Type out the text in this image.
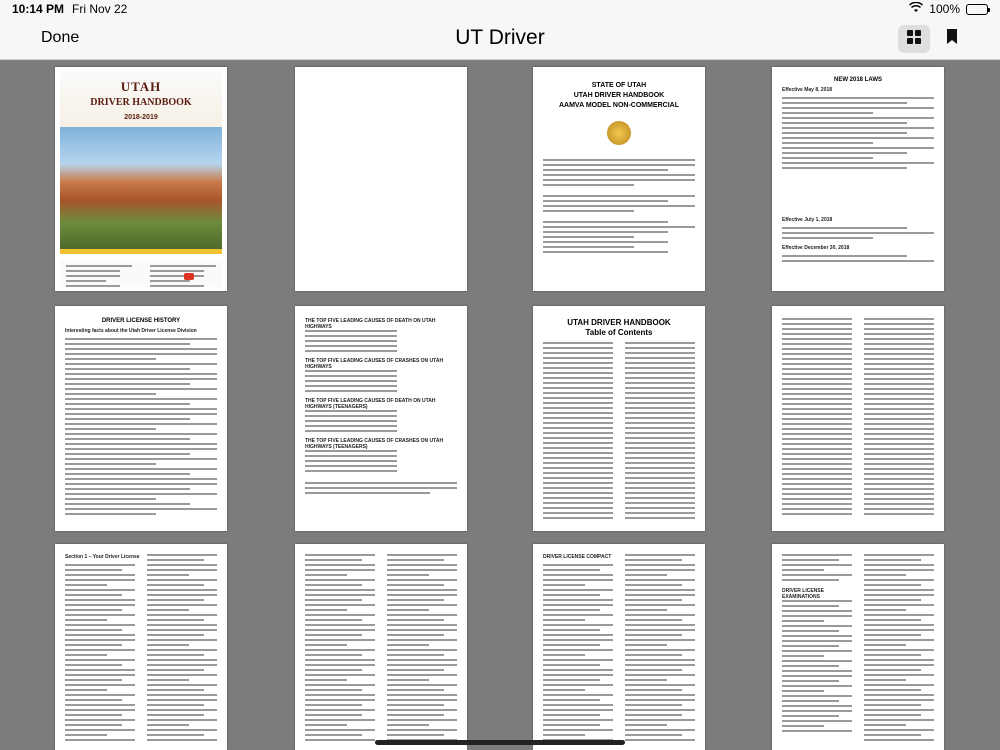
10:14 PM Fri Nov 22	100%
Done	UT Driver
UTAH
DRIVER HANDBOOK
2018-2019
STATE OF UTAH
UTAH DRIVER HANDBOOK
AAMVA MODEL NON-COMMERCIAL
NEW 2018 LAWS
Effective May 8, 2018
Effective July 1, 2018
Effective December 30, 2018
DRIVER LICENSE HISTORY
Interesting facts about the Utah Driver License Division
THE TOP FIVE LEADING CAUSES OF DEATH ON UTAH HIGHWAYS
THE TOP FIVE LEADING CAUSES OF CRASHES ON UTAH HIGHWAYS
THE TOP FIVE LEADING CAUSES OF DEATH ON UTAH HIGHWAYS (TEENAGERS)
THE TOP FIVE LEADING CAUSES OF CRASHES ON UTAH HIGHWAYS (TEENAGERS)
UTAH DRIVER HANDBOOK
Table of Contents
Section 1 – Your Driver License	DRIVER LICENSE COMPACT
DRIVER LICENSE EXAMINATIONS
